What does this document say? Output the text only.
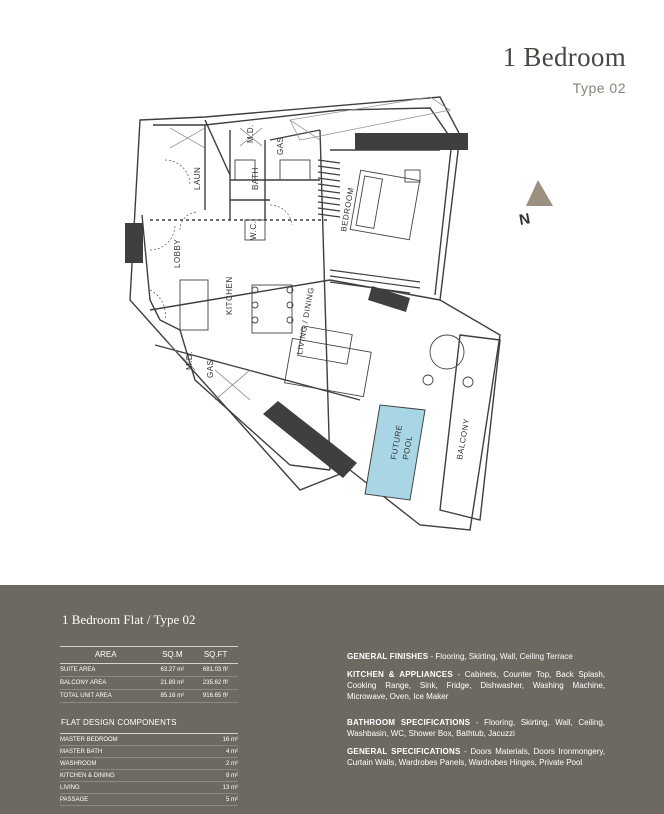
1 Bedroom
Type 02
N
LAUN
M.D.
BATH
W.C.	BEDROOM
LOBBY
KITCHEN	LIVING / DINING
M.D.
FUTURE
POOL	BALCONY
GAS
GAS
1 Bedroom Flat / Type 02
AREA	SQ.M	SQ.FT
SUITE AREA	63.27 m²	681.03 ft²
BALCONY AREA	21.89 m²	235.62 ft²
TOTAL UNIT AREA	85.16 m²	916.65 ft²
FLAT DESIGN COMPONENTS
MASTER BEDROOM	16 m²
MASTER BATH	4 m²
WASHROOM	2 m²
KITCHEN & DINING	8 m²
LIVING	13 m²
PASSAGE	5 m²

GENERAL FINISHES - Flooring, Skirting, Wall, Ceiling Terrace

KITCHEN & APPLIANCES - Cabinets, Counter Top, Back Splash, Cooking Range, Sink, Fridge, Dishwasher, Washing Machine, Microwave, Oven, Ice Maker

BATHROOM SPECIFICATIONS - Flooring, Skirting, Wall, Ceiling, Washbasin, WC, Shower Box, Bathtub, Jacuzzi

GENERAL SPECIFICATIONS - Doors Materials, Doors Ironmongery, Curtain Walls, Wardrobes Panels, Wardrobes Hinges, Private Pool
